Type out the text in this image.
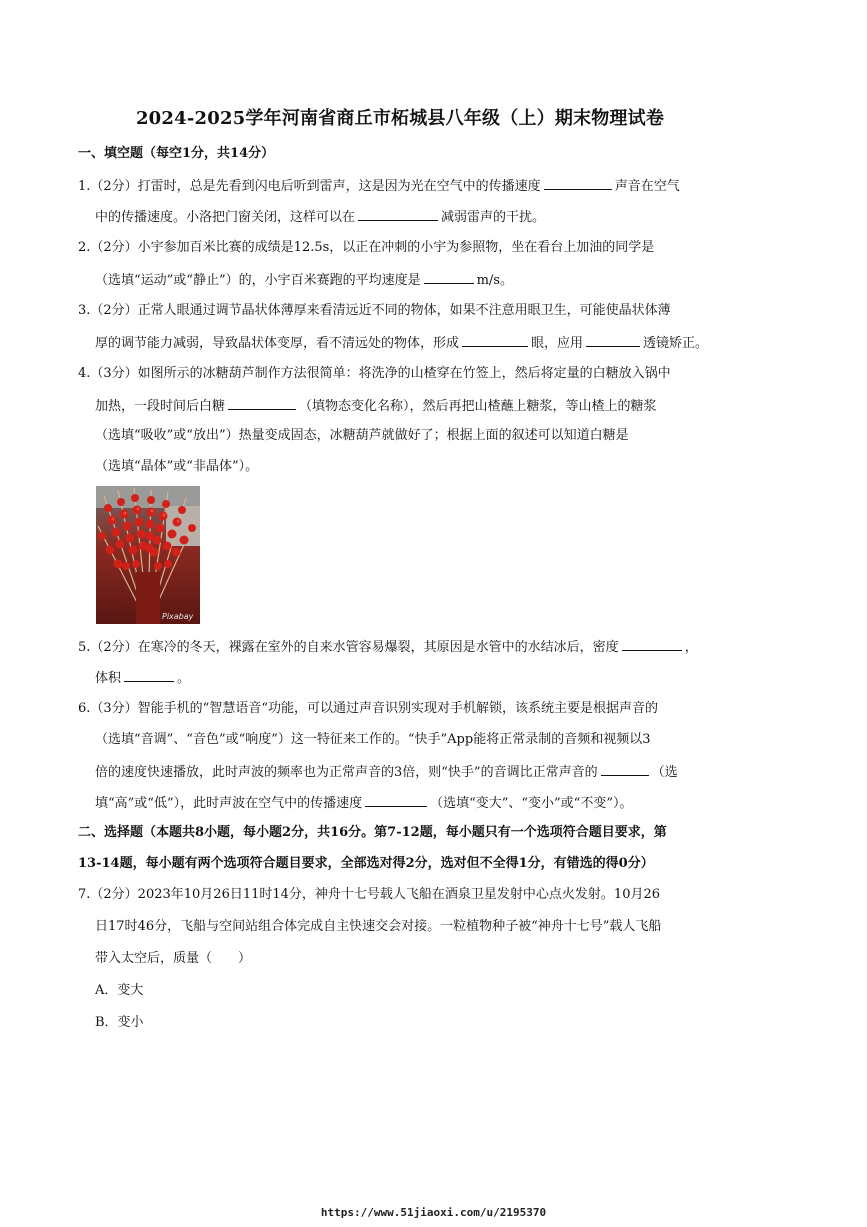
2024-2025学年河南省商丘市柘城县八年级（上）期末物理试卷
一、填空题（每空1分，共14分）
1.（2分）打雷时，总是先看到闪电后听到雷声，这是因为光在空气中的传播速度	声音在空气
中的传播速度。小洛把门窗关闭，这样可以在	减弱雷声的干扰。
2.（2分）小宇参加百米比赛的成绩是12.5s，以正在冲刺的小宇为参照物，坐在看台上加油的同学是
（选填“运动”或“静止”）的，小宇百米赛跑的平均速度是	m/s。
3.（2分）正常人眼通过调节晶状体薄厚来看清远近不同的物体，如果不注意用眼卫生，可能使晶状体薄
厚的调节能力减弱，导致晶状体变厚，看不清远处的物体，形成	眼，应用	透镜矫正。
4.（3分）如图所示的冰糖葫芦制作方法很简单：将洗净的山楂穿在竹签上，然后将定量的白糖放入锅中
加热，一段时间后白糖	（填物态变化名称），然后再把山楂蘸上糖浆，等山楂上的糖浆
（选填“吸收”或“放出”）热量变成固态，冰糖葫芦就做好了；根据上面的叙述可以知道白糖是
（选填“晶体”或“非晶体”）。
Pixabay
5.（2分）在寒冷的冬天，裸露在室外的自来水管容易爆裂，其原因是水管中的水结冰后，密度	，
体积	。
6.（3分）智能手机的“智慧语音“功能，可以通过声音识别实现对手机解锁，该系统主要是根据声音的
（选填“音调”、“音色”或“响度”）这一特征来工作的。“快手”App能将正常录制的音频和视频以3
倍的速度快速播放，此时声波的频率也为正常声音的3倍，则“快手”的音调比正常声音的	（选
填“高”或“低”），此时声波在空气中的传播速度	（选填“变大”、“变小”或“不变”）。
二、选择题（本题共8小题，每小题2分，共16分。第7-12题，每小题只有一个选项符合题目要求，第
13-14题，每小题有两个选项符合题目要求，全部选对得2分，选对但不全得1分，有错选的得0分）
7.（2分）2023年10月26日11时14分，神舟十七号载人飞船在酒泉卫星发射中心点火发射。10月26
日17时46分，飞船与空间站组合体完成自主快速交会对接。一粒植物种子被“神舟十七号”载人飞船
带入太空后，质量（　　）
A．变大
B．变小
https://www.51jiaoxi.com/u/2195370
